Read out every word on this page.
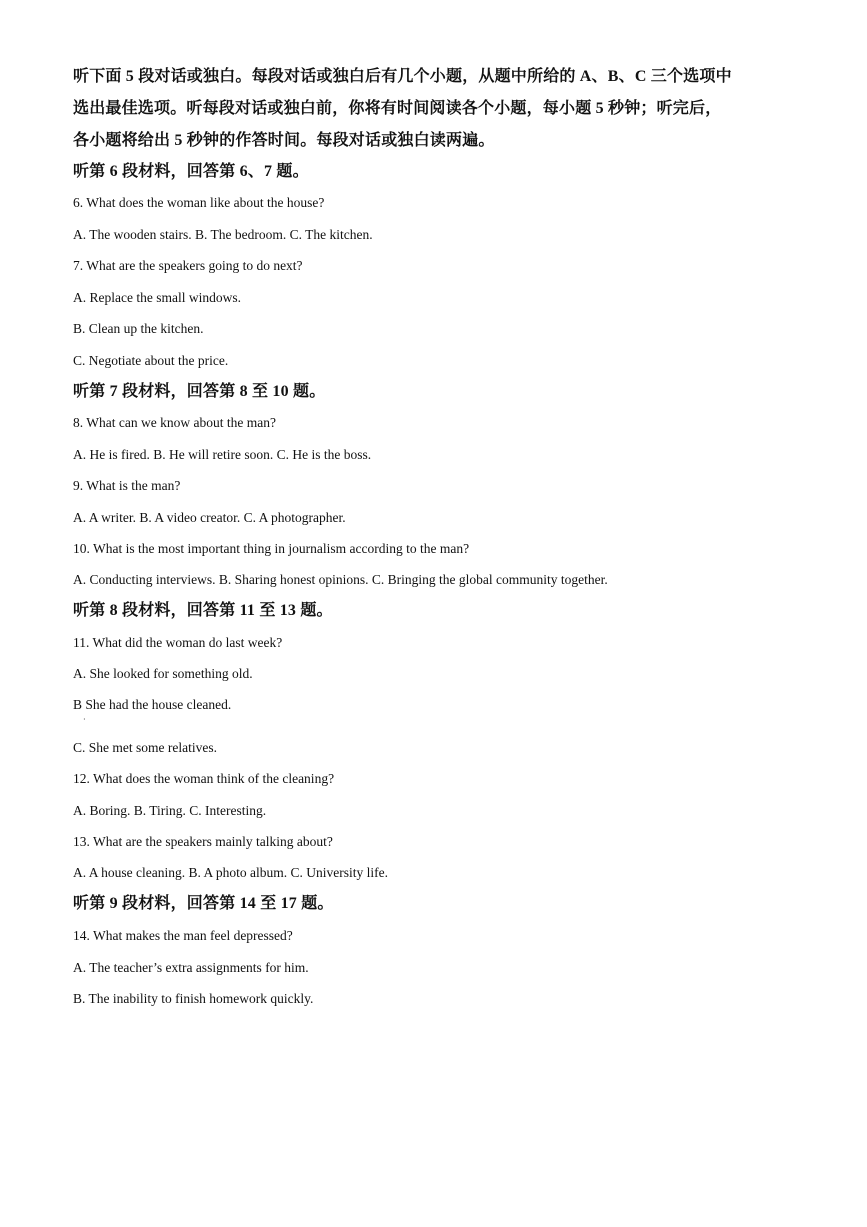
听下面 5 段对话或独白。每段对话或独白后有几个小题，从题中所给的 A、B、C 三个选项中
选出最佳选项。听每段对话或独白前，你将有时间阅读各个小题，每小题 5 秒钟；听完后，
各小题将给出 5 秒钟的作答时间。每段对话或独白读两遍。
听第 6 段材料，回答第 6、7 题。
6. What does the woman like about the house?
A. The wooden stairs. B. The bedroom. C. The kitchen.
7. What are the speakers going to do next?
A. Replace the small windows.
B. Clean up the kitchen.
C. Negotiate about the price.
听第 7 段材料，回答第 8 至 10 题。
8. What can we know about the man?
A. He is fired. B. He will retire soon. C. He is the boss.
9. What is the man?
A. A writer. B. A video creator. C. A photographer.
10. What is the most important thing in journalism according to the man?
A. Conducting interviews. B. Sharing honest opinions. C. Bringing the global community together.
听第 8 段材料，回答第 11 至 13 题。
11. What did the woman do last week?
A. She looked for something old.
B She had the house cleaned.
·
C. She met some relatives.
12. What does the woman think of the cleaning?
A. Boring. B. Tiring. C. Interesting.
13. What are the speakers mainly talking about?
A. A house cleaning. B. A photo album. C. University life.
听第 9 段材料，回答第 14 至 17 题。
14. What makes the man feel depressed?
A. The teacher’s extra assignments for him.
B. The inability to finish homework quickly.
